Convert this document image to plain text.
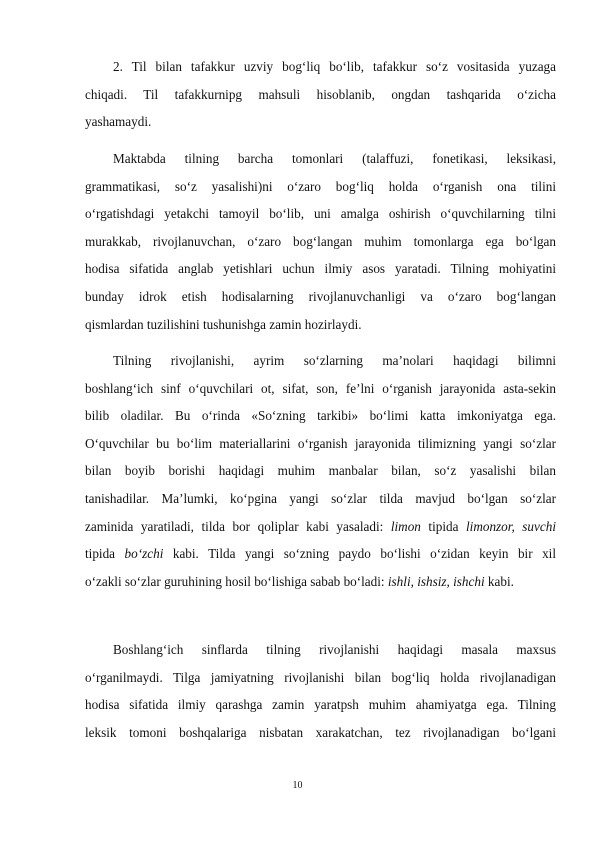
2. Til bilan tafakkur uzviy bog‘liq bo‘lib, tafakkur so‘z vositasida yuzaga
chiqadi. Til tafakkurnipg mahsuli hisoblanib, ongdan tashqarida o‘zicha
yashamaydi.
Maktabda tilning barcha tomonlari (talaffuzi, fonetikasi, leksikasi,
grammatikasi, so‘z yasalishi)ni o‘zaro bog‘liq holda o‘rganish ona tilini
o‘rgatishdagi yetakchi tamoyil bo‘lib, uni amalga oshirish o‘quvchilarning tilni
murakkab, rivojlanuvchan, o‘zaro bog‘langan muhim tomonlarga ega bo‘lgan
hodisa sifatida anglab yetishlari uchun ilmiy asos yaratadi. Tilning mohiyatini
bunday idrok etish hodisalarning rivojlanuvchanligi va o‘zaro bog‘langan
qismlardan tuzilishini tushunishga zamin hozirlaydi.
Tilning rivojlanishi, ayrim so‘zlarning ma’nolari haqidagi bilimni
boshlang‘ich sinf o‘quvchilari ot, sifat, son, fe’lni o‘rganish jarayonida asta-sekin
bilib oladilar. Bu o‘rinda «So‘zning tarkibi» bo‘limi katta imkoniyatga ega.
O‘quvchilar bu bo‘lim materiallarini o‘rganish jarayonida tilimizning yangi so‘zlar
bilan boyib borishi haqidagi muhim manbalar bilan, so‘z yasalishi bilan
tanishadilar. Ma’lumki, ko‘pgina yangi so‘zlar tilda mavjud bo‘lgan so‘zlar
zaminida yaratiladi, tilda bor qoliplar kabi yasaladi: limon tipida limonzor, suvchi
tipida bo‘zchi kabi. Tilda yangi so‘zning paydo bo‘lishi o‘zidan keyin bir xil
o‘zakli so‘zlar guruhining hosil bo‘lishiga sabab bo‘ladi: ishli, ishsiz, ishchi kabi.
Boshlang‘ich sinflarda tilning rivojlanishi haqidagi masala maxsus
o‘rganilmaydi. Tilga jamiyatning rivojlanishi bilan bog‘liq holda rivojlanadigan
hodisa sifatida ilmiy qarashga zamin yaratpsh muhim ahamiyatga ega. Tilning
leksik tomoni boshqalariga nisbatan xarakatchan, tez rivojlanadigan bo‘lgani
10
